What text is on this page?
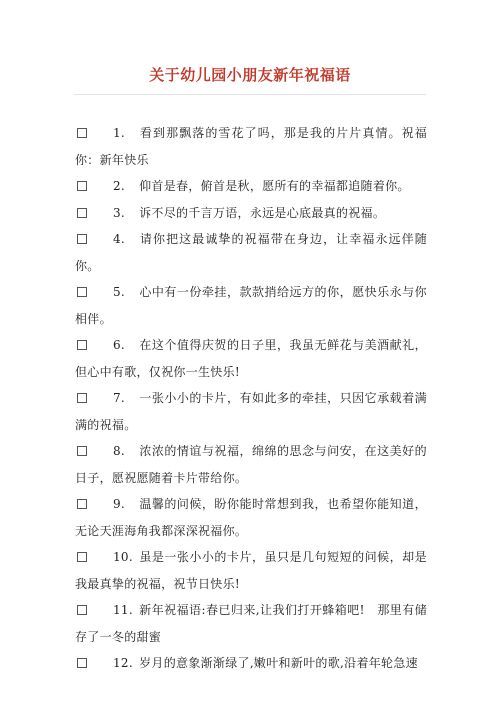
关于幼儿园小朋友新年祝福语

1. 看到那飘落的雪花了吗，那是我的片片真情。祝福你：新年快乐

2. 仰首是春，俯首是秋，愿所有的幸福都追随着你。

3. 诉不尽的千言万语，永远是心底最真的祝福。

4. 请你把这最诚挚的祝福带在身边，让幸福永远伴随你。

5. 心中有一份牵挂，款款捎给远方的你，愿快乐永与你相伴。

6. 在这个值得庆贺的日子里，我虽无鲜花与美酒献礼，但心中有歌，仅祝你一生快乐!

7. 一张小小的卡片，有如此多的牵挂，只因它承载着满满的祝福。

8. 浓浓的情谊与祝福，绵绵的思念与问安，在这美好的日子，愿祝愿随着卡片带给你。

9. 温馨的问候，盼你能时常想到我，也希望你能知道，无论天涯海角我都深深祝福你。

10. 虽是一张小小的卡片，虽只是几句短短的问候，却是我最真挚的祝福，祝节日快乐!

11. 新年祝福语:春已归来,让我们打开蜂箱吧!　那里有储存了一冬的甜蜜

12. 岁月的意象渐渐绿了,嫩叶和新叶的歌,沿着年轮急速
